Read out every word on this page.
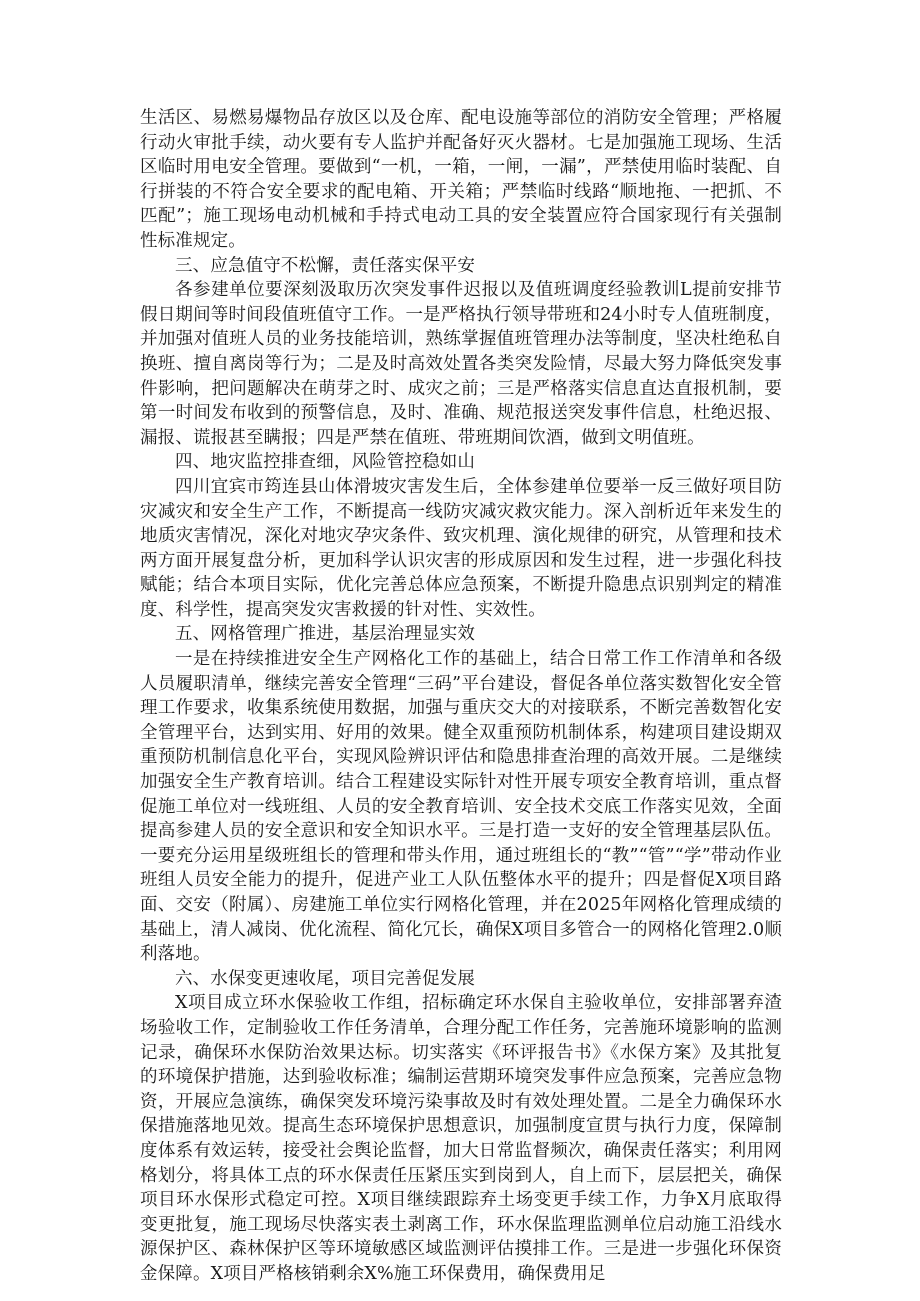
生活区、易燃易爆物品存放区以及仓库、配电设施等部位的消防安全管理；严格履行动火审批手续，动火要有专人监护并配备好灭火器材。七是加强施工现场、生活区临时用电安全管理。要做到“一机，一箱，一闸，一漏”，严禁使用临时装配、自行拼装的不符合安全要求的配电箱、开关箱；严禁临时线路“顺地拖、一把抓、不匹配”；施工现场电动机械和手持式电动工具的安全装置应符合国家现行有关强制性标准规定。

三、应急值守不松懈，责任落实保平安

各参建单位要深刻汲取历次突发事件迟报以及值班调度经验教训L提前安排节假日期间等时间段值班值守工作。一是严格执行领导带班和24小时专人值班制度，并加强对值班人员的业务技能培训，熟练掌握值班管理办法等制度，坚决杜绝私自换班、擅自离岗等行为；二是及时高效处置各类突发险情，尽最大努力降低突发事件影响，把问题解决在萌芽之时、成灾之前；三是严格落实信息直达直报机制，要第一时间发布收到的预警信息，及时、准确、规范报送突发事件信息，杜绝迟报、漏报、谎报甚至瞒报；四是严禁在值班、带班期间饮酒，做到文明值班。

四、地灾监控排查细，风险管控稳如山

四川宜宾市筠连县山体滑坡灾害发生后，全体参建单位要举一反三做好项目防灾减灾和安全生产工作，不断提高一线防灾减灾救灾能力。深入剖析近年来发生的地质灾害情况，深化对地灾孕灾条件、致灾机理、演化规律的研究，从管理和技术两方面开展复盘分析，更加科学认识灾害的形成原因和发生过程，进一步强化科技赋能；结合本项目实际，优化完善总体应急预案，不断提升隐患点识别判定的精准度、科学性，提高突发灾害救援的针对性、实效性。

五、网格管理广推进，基层治理显实效

一是在持续推进安全生产网格化工作的基础上，结合日常工作工作清单和各级人员履职清单，继续完善安全管理“三码”平台建设，督促各单位落实数智化安全管理工作要求，收集系统使用数据，加强与重庆交大的对接联系，不断完善数智化安全管理平台，达到实用、好用的效果。健全双重预防机制体系，构建项目建设期双重预防机制信息化平台，实现风险辨识评估和隐患排查治理的高效开展。二是继续加强安全生产教育培训。结合工程建设实际针对性开展专项安全教育培训，重点督促施工单位对一线班组、人员的安全教育培训、安全技术交底工作落实见效，全面提高参建人员的安全意识和安全知识水平。三是打造一支好的安全管理基层队伍。一要充分运用星级班组长的管理和带头作用，通过班组长的“教”“管”“学”带动作业班组人员安全能力的提升，促进产业工人队伍整体水平的提升；四是督促X项目路面、交安（附属）、房建施工单位实行网格化管理，并在2025年网格化管理成绩的基础上，清人减岗、优化流程、简化冗长，确保X项目多管合一的网格化管理2.0顺利落地。

六、水保变更速收尾，项目完善促发展

X项目成立环水保验收工作组，招标确定环水保自主验收单位，安排部署弃渣场验收工作，定制验收工作任务清单，合理分配工作任务，完善施环境影响的监测记录，确保环水保防治效果达标。切实落实《环评报告书》《水保方案》及其批复的环境保护措施，达到验收标准；编制运营期环境突发事件应急预案，完善应急物资，开展应急演练，确保突发环境污染事故及时有效处理处置。二是全力确保环水保措施落地见效。提高生态环境保护思想意识，加强制度宣贯与执行力度，保障制度体系有效运转，接受社会舆论监督，加大日常监督频次，确保责任落实；利用网格划分，将具体工点的环水保责任压紧压实到岗到人，自上而下，层层把关，确保项目环水保形式稳定可控。X项目继续跟踪弃土场变更手续工作，力争X月底取得变更批复，施工现场尽快落实表土剥离工作，环水保监理监测单位启动施工沿线水源保护区、森林保护区等环境敏感区域监测评估摸排工作。三是进一步强化环保资金保障。X项目严格核销剩余X%施工环保费用，确保费用足
